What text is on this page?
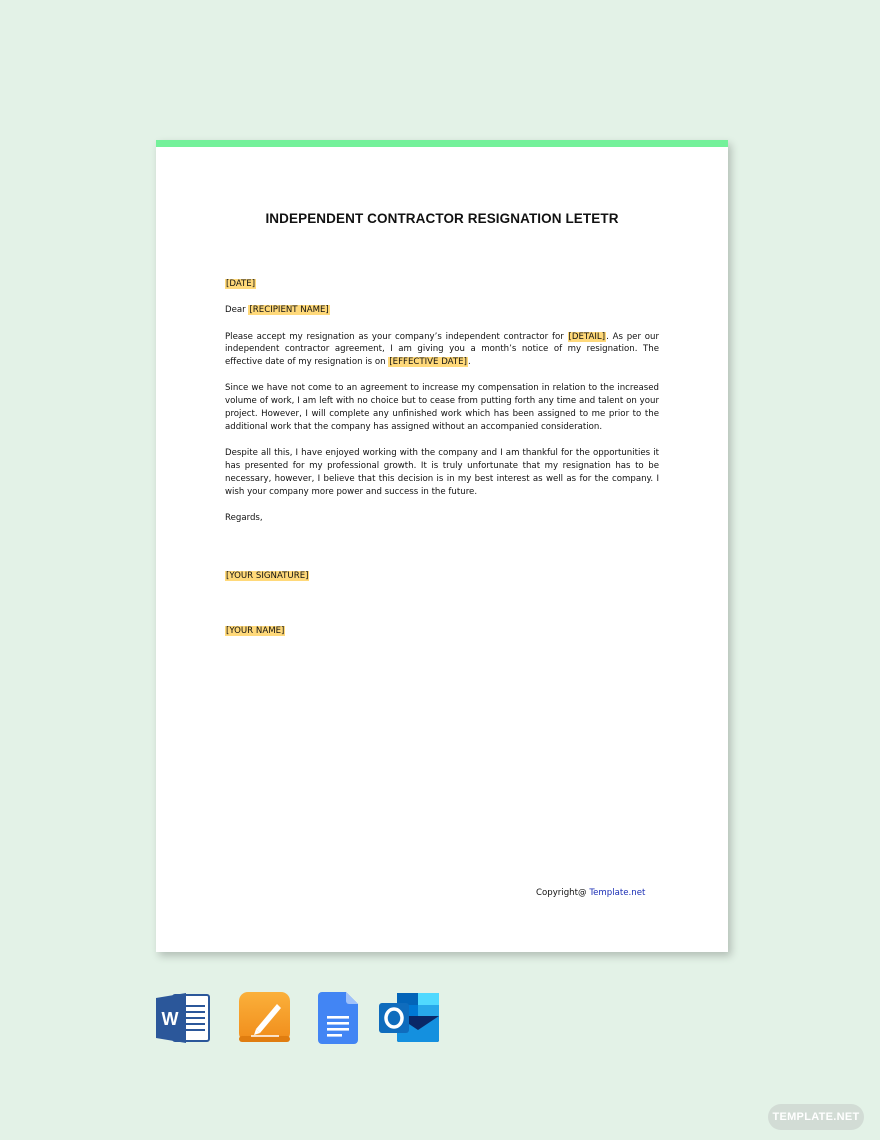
INDEPENDENT CONTRACTOR RESIGNATION LETETR

[DATE]

Dear [RECIPIENT NAME]

Please accept my resignation as your company’s independent contractor for [DETAIL]. As per our independent contractor agreement, I am giving you a month’s notice of my resignation. The effective date of my resignation is on [EFFECTIVE DATE].

Since we have not come to an agreement to increase my compensation in relation to the increased volume of work, I am left with no choice but to cease from putting forth any time and talent on your project. However, I will complete any unfinished work which has been assigned to me prior to the additional work that the company has assigned without an accompanied consideration.

Despite all this, I have enjoyed working with the company and I am thankful for the opportunities it has presented for my professional growth. It is truly unfortunate that my resignation has to be necessary, however, I believe that this decision is in my best interest as well as for the company. I wish your company more power and success in the future.

Regards,

[YOUR SIGNATURE]

[YOUR NAME]

Copyright@ Template.net
W
TEMPLATE.NET
